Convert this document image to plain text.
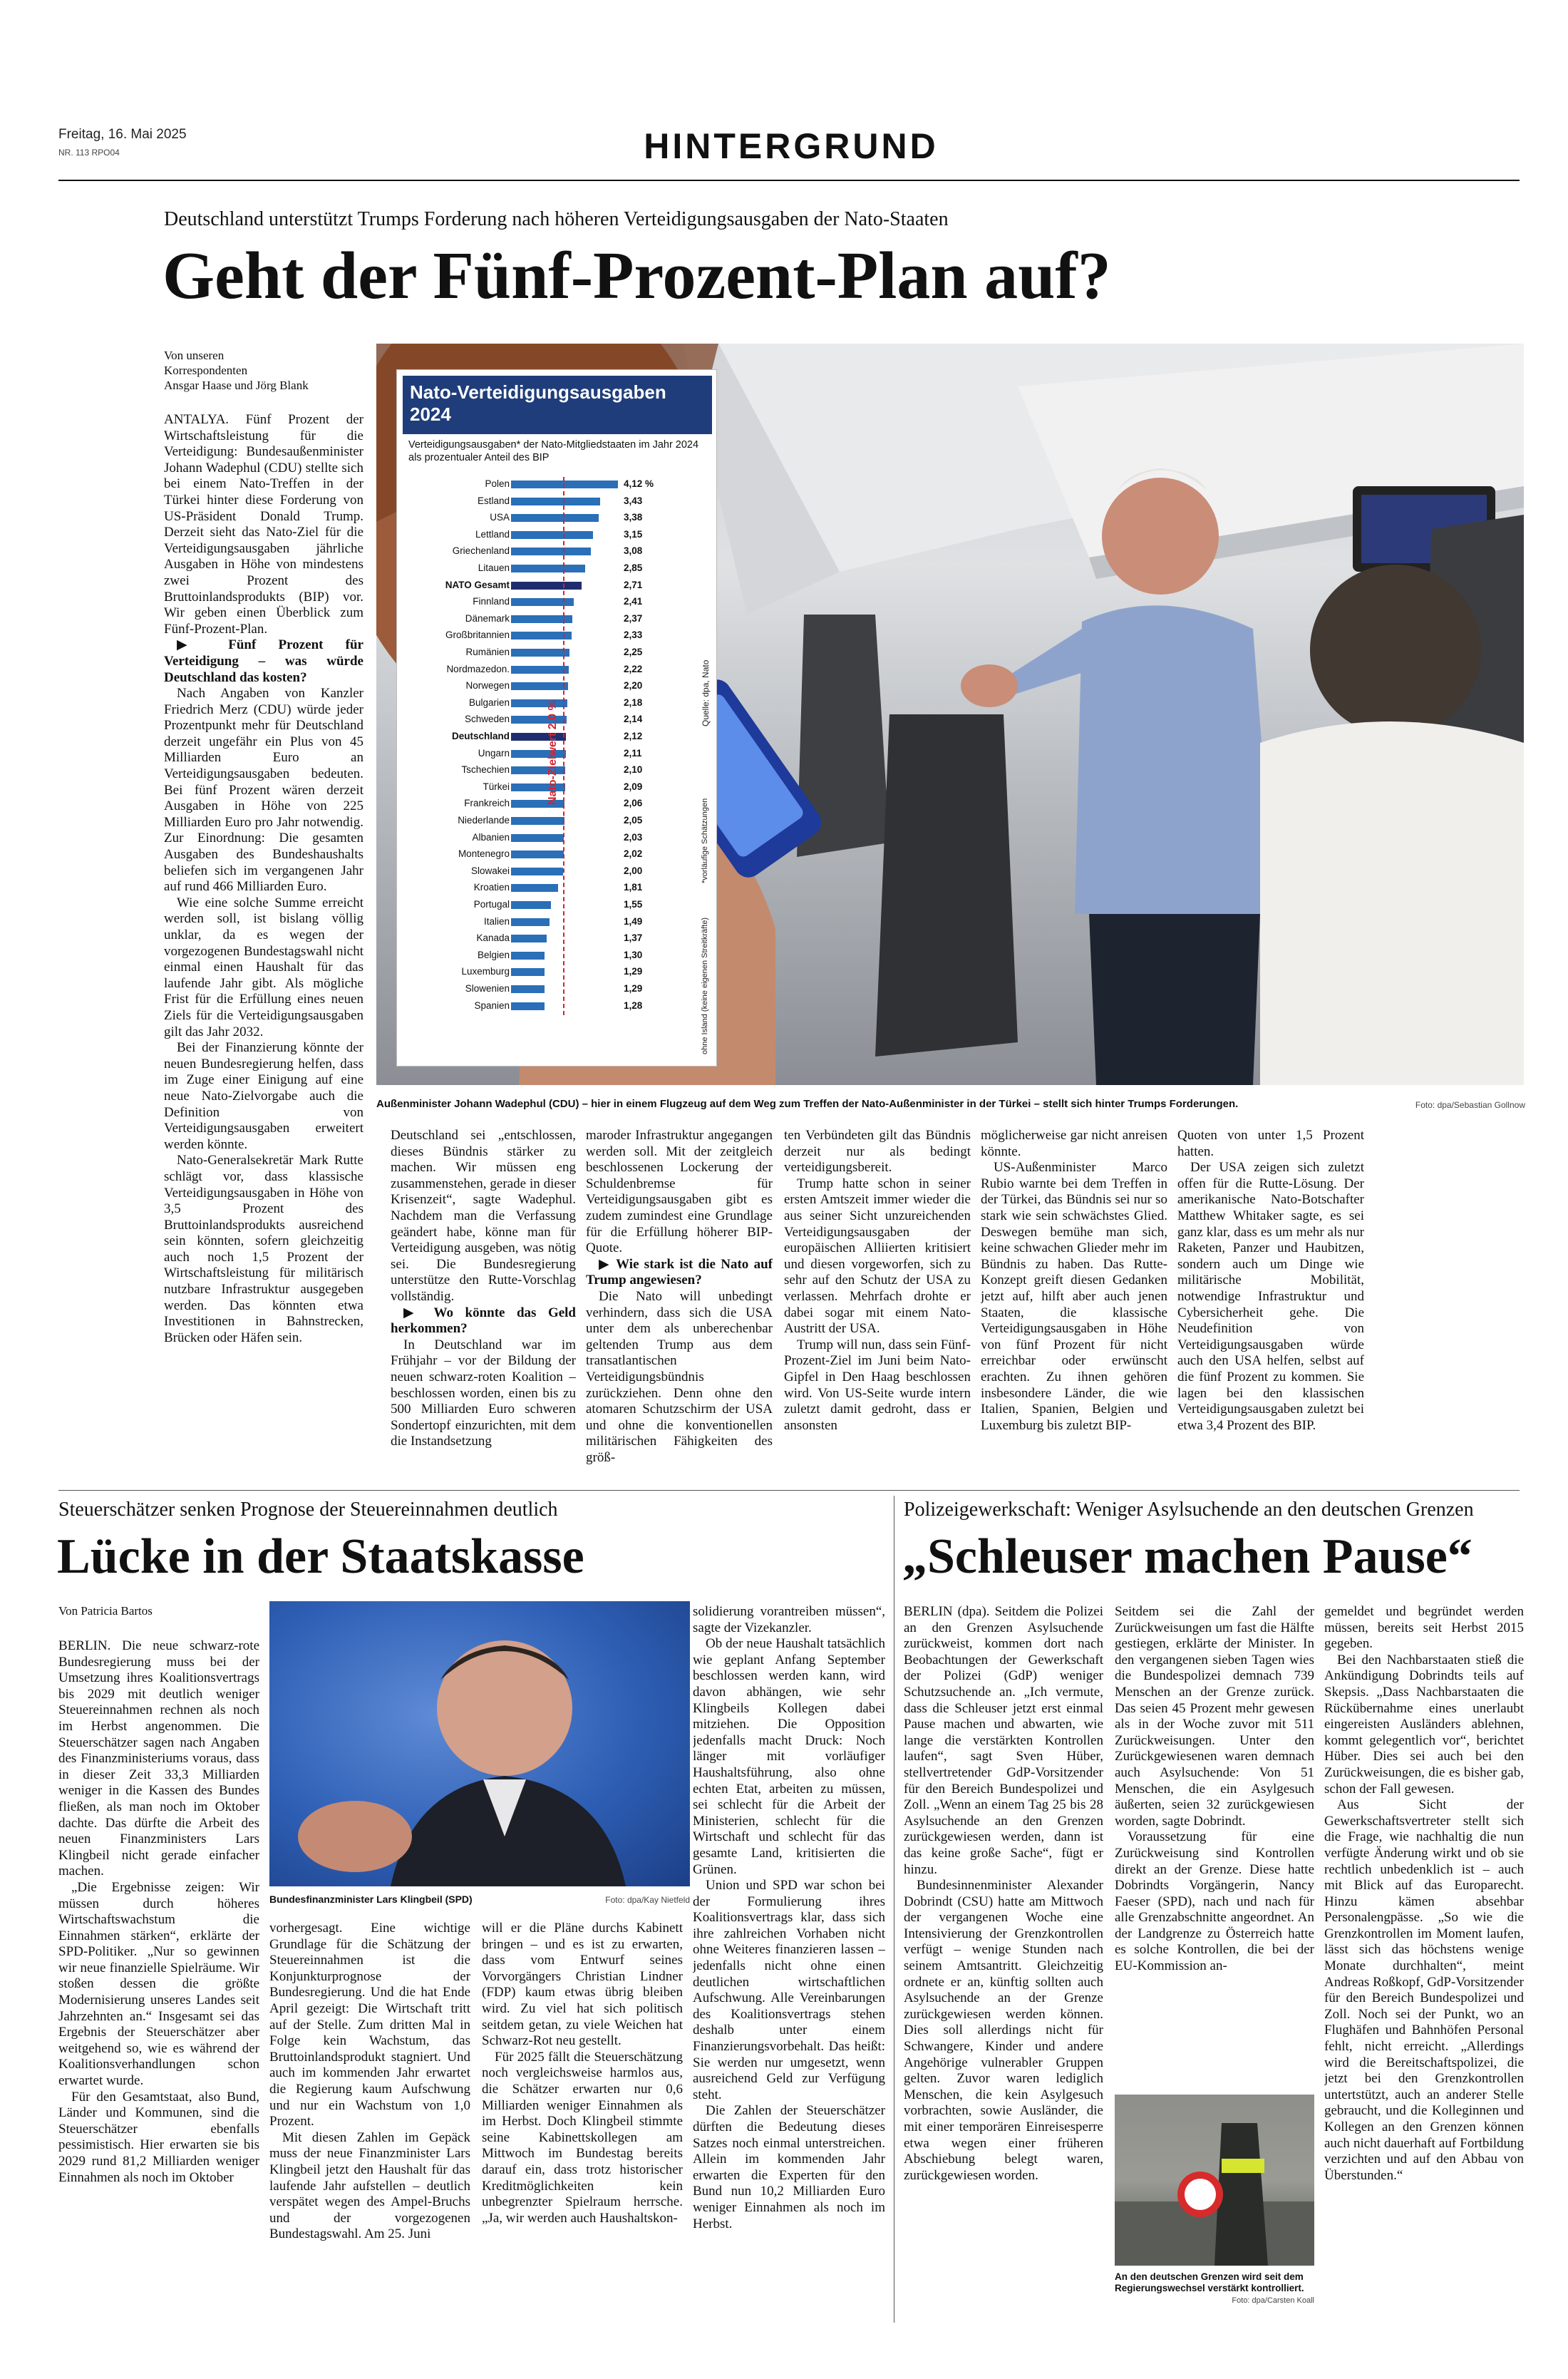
Freitag, 16. Mai 2025
NR. 113 RPO04	HINTERGRUND
Deutschland unterstützt Trumps Forderung nach höheren Verteidigungsausgaben der Nato-Staaten
Geht der Fünf-Prozent-Plan auf?
Von unseren
Korrespondenten
Ansgar Haase und Jörg Blank

ANTALYA. Fünf Prozent der Wirtschaftsleistung für die Verteidigung: Bundesaußenminister Johann Wadephul (CDU) stellte sich bei einem Nato-Treffen in der Türkei hinter diese Forderung von US-Präsident Donald Trump. Derzeit sieht das Nato-Ziel für die Verteidigungsausgaben jährliche Ausgaben in Höhe von mindestens zwei Prozent des Bruttoinlandsprodukts (BIP) vor. Wir geben einen Überblick zum Fünf-Prozent-Plan.

▶ Fünf Prozent für Verteidigung – was würde Deutschland das kosten?

Nach Angaben von Kanzler Friedrich Merz (CDU) würde jeder Prozentpunkt mehr für Deutschland derzeit ungefähr ein Plus von 45 Milliarden Euro an Verteidigungsausgaben bedeuten. Bei fünf Prozent wären derzeit Ausgaben in Höhe von 225 Milliarden Euro pro Jahr notwendig. Zur Einordnung: Die gesamten Ausgaben des Bundeshaushalts beliefen sich im vergangenen Jahr auf rund 466 Milliarden Euro.

Wie eine solche Summe erreicht werden soll, ist bislang völlig unklar, da es wegen der vorgezogenen Bundestagswahl nicht einmal einen Haushalt für das laufende Jahr gibt. Als mögliche Frist für die Erfüllung eines neuen Ziels für die Verteidigungsausgaben gilt das Jahr 2032.

Bei der Finanzierung könnte der neuen Bundesregierung helfen, dass im Zuge einer Einigung auf eine neue Nato-Zielvorgabe auch die Definition von Verteidigungsausgaben erweitert werden könnte.

Nato-Generalsekretär Mark Rutte schlägt vor, dass klassische Verteidigungsausgaben in Höhe von 3,5 Prozent des Bruttoinlandsprodukts ausreichend sein könnten, sofern gleichzeitig auch noch 1,5 Prozent der Wirtschaftsleistung für militärisch nutzbare Infrastruktur ausgegeben werden. Das könnten etwa Investitionen in Bahnstrecken, Brücken oder Häfen sein.

Nato-Verteidigungsausgaben 2024
Verteidigungsausgaben* der Nato-Mitgliedstaaten im Jahr 2024 als prozentualer Anteil des BIP
Polen	4,12 %
Estland	3,43
USA	3,38
Lettland	3,15
Griechenland	3,08
Litauen	2,85
NATO Gesamt	2,71
Finnland	2,41
Dänemark	2,37
Großbritannien	2,33
Rumänien	2,25
Nordmazedon.	2,22
Norwegen	2,20
Bulgarien	2,18
Schweden	2,14
Deutschland	2,12
Ungarn	2,11
Tschechien	2,10
Türkei	2,09
Frankreich	2,06
Niederlande	2,05
Albanien	2,03
Montenegro	2,02
Slowakei	2,00
Kroatien	1,81
Portugal	1,55
Italien	1,49
Kanada	1,37
Belgien	1,30
Luxemburg	1,29
Slowenien	1,29
Spanien	1,28
Nato-Zielwert 2,0 %
Quelle: dpa, Nato
*vorläufige Schätzungen
ohne Island (keine eigenen Streitkräfte)
Außenminister Johann Wadephul (CDU) – hier in einem Flugzeug auf dem Weg zum Treffen der Nato-Außenminister in der Türkei – stellt sich hinter Trumps Forderungen.	Foto: dpa/Sebastian Gollnow

Deutschland sei „entschlossen, dieses Bündnis stärker zu machen. Wir müssen eng zusammenstehen, gerade in dieser Krisenzeit“, sagte Wadephul. Nachdem man die Verfassung geändert habe, könne man für Verteidigung ausgeben, was nötig sei. Die Bundesregierung unterstütze den Rutte-Vorschlag vollständig.

▶ Wo könnte das Geld herkommen?

In Deutschland war im Frühjahr – vor der Bildung der neuen schwarz-roten Koalition – beschlossen worden, einen bis zu 500 Milliarden Euro schweren Sondertopf einzurichten, mit dem die Instandsetzung

maroder Infrastruktur angegangen werden soll. Mit der zeitgleich beschlossenen Lockerung der Schuldenbremse für Verteidigungsausgaben gibt es zudem zumindest eine Grundlage für die Erfüllung höherer BIP-Quote.

▶ Wie stark ist die Nato auf Trump angewiesen?

Die Nato will unbedingt verhindern, dass sich die USA unter dem als unberechenbar geltenden Trump aus dem transatlantischen Verteidigungsbündnis zurückziehen. Denn ohne den atomaren Schutzschirm der USA und ohne die konventionellen militärischen Fähigkeiten des größ-

ten Verbündeten gilt das Bündnis derzeit nur als bedingt verteidigungsbereit.

Trump hatte schon in seiner ersten Amtszeit immer wieder die aus seiner Sicht unzureichenden Verteidigungsausgaben der europäischen Alliierten kritisiert und diesen vorgeworfen, sich zu sehr auf den Schutz der USA zu verlassen. Mehrfach drohte er dabei sogar mit einem Nato-Austritt der USA.

Trump will nun, dass sein Fünf-Prozent-Ziel im Juni beim Nato-Gipfel in Den Haag beschlossen wird. Von US-Seite wurde intern zuletzt damit gedroht, dass er ansonsten

möglicherweise gar nicht anreisen könnte.

US-Außenminister Marco Rubio warnte bei dem Treffen in der Türkei, das Bündnis sei nur so stark wie sein schwächstes Glied. Deswegen bemühe man sich, keine schwachen Glieder mehr im Bündnis zu haben. Das Rutte-Konzept greift diesen Gedanken jetzt auf, hilft aber auch jenen Staaten, die klassische Verteidigungsausgaben in Höhe von fünf Prozent für nicht erreichbar oder erwünscht erachten. Zu ihnen gehören insbesondere Länder, die wie Italien, Spanien, Belgien und Luxemburg bis zuletzt BIP-

Quoten von unter 1,5 Prozent hatten.

Der USA zeigen sich zuletzt offen für die Rutte-Lösung. Der amerikanische Nato-Botschafter Matthew Whitaker sagte, es sei ganz klar, dass es um mehr als nur Raketen, Panzer und Haubitzen, sondern auch um Dinge wie militärische Mobilität, notwendige Infrastruktur und Cybersicherheit gehe. Die Neudefinition von Verteidigungsausgaben würde auch den USA helfen, selbst auf die fünf Prozent zu kommen. Sie lagen bei den klassischen Verteidigungsausgaben zuletzt bei etwa 3,4 Prozent des BIP.

Steuerschätzer senken Prognose der Steuereinnahmen deutlich
Lücke in der Staatskasse
Von Patricia Bartos
Bundesfinanzminister Lars Klingbeil (SPD)	Foto: dpa/Kay Nietfeld

BERLIN. Die neue schwarz-rote Bundesregierung muss bei der Umsetzung ihres Koalitionsvertrags bis 2029 mit deutlich weniger Steuereinnahmen rechnen als noch im Herbst angenommen. Die Steuerschätzer sagen nach Angaben des Finanzministeriums voraus, dass in dieser Zeit 33,3 Milliarden weniger in die Kassen des Bundes fließen, als man noch im Oktober dachte. Das dürfte die Arbeit des neuen Finanzministers Lars Klingbeil nicht gerade einfacher machen.

„Die Ergebnisse zeigen: Wir müssen durch höheres Wirtschaftswachstum die Einnahmen stärken“, erklärte der SPD-Politiker. „Nur so gewinnen wir neue finanzielle Spielräume. Wir stoßen dessen die größte Modernisierung unseres Landes seit Jahrzehnten an.“ Insgesamt sei das Ergebnis der Steuerschätzer aber weitgehend so, wie es während der Koalitionsverhandlungen schon erwartet wurde.

Für den Gesamtstaat, also Bund, Länder und Kommunen, sind die Steuerschätzer ebenfalls pessimistisch. Hier erwarten sie bis 2029 rund 81,2 Milliarden weniger Einnahmen als noch im Oktober

vorhergesagt. Eine wichtige Grundlage für die Schätzung der Steuereinnahmen ist die Konjunkturprognose der Bundesregierung. Und die hat Ende April gezeigt: Die Wirtschaft tritt auf der Stelle. Zum dritten Mal in Folge kein Wachstum, das Bruttoinlandsprodukt stagniert. Und auch im kommenden Jahr erwartet die Regierung kaum Aufschwung und nur ein Wachstum von 1,0 Prozent.

Mit diesen Zahlen im Gepäck muss der neue Finanzminister Lars Klingbeil jetzt den Haushalt für das laufende Jahr aufstellen – deutlich verspätet wegen des Ampel-Bruchs und der vorgezogenen Bundestagswahl. Am 25. Juni

will er die Pläne durchs Kabinett bringen – und es ist zu erwarten, dass vom Entwurf seines Vorvorgängers Christian Lindner (FDP) kaum etwas übrig bleiben wird. Zu viel hat sich politisch seitdem getan, zu viele Weichen hat Schwarz-Rot neu gestellt.

Für 2025 fällt die Steuerschätzung noch vergleichsweise harmlos aus, die Schätzer erwarten nur 0,6 Milliarden weniger Einnahmen als im Herbst. Doch Klingbeil stimmte seine Kabinettskollegen am Mittwoch im Bundestag bereits darauf ein, dass trotz historischer Kreditmöglichkeiten kein unbegrenzter Spielraum herrsche. „Ja, wir werden auch Haushaltskon-

solidierung vorantreiben müssen“, sagte der Vizekanzler.

Ob der neue Haushalt tatsächlich wie geplant Anfang September beschlossen werden kann, wird davon abhängen, wie sehr Klingbeils Kollegen dabei mitziehen. Die Opposition jedenfalls macht Druck: Noch länger mit vorläufiger Haushaltsführung, also ohne echten Etat, arbeiten zu müssen, sei schlecht für die Arbeit der Ministerien, schlecht für die Wirtschaft und schlecht für das gesamte Land, kritisierten die Grünen.

Union und SPD war schon bei der Formulierung ihres Koalitionsvertrags klar, dass sich ihre zahlreichen Vorhaben nicht ohne Weiteres finanzieren lassen – jedenfalls nicht ohne einen deutlichen wirtschaftlichen Aufschwung. Alle Vereinbarungen des Koalitionsvertrags stehen deshalb unter einem Finanzierungsvorbehalt. Das heißt: Sie werden nur umgesetzt, wenn ausreichend Geld zur Verfügung steht.

Die Zahlen der Steuerschätzer dürften die Bedeutung dieses Satzes noch einmal unterstreichen. Allein im kommenden Jahr erwarten die Experten für den Bund nun 10,2 Milliarden Euro weniger Einnahmen als noch im Herbst.

Polizeigewerkschaft: Weniger Asylsuchende an den deutschen Grenzen
„Schleuser machen Pause“

BERLIN (dpa). Seitdem die Polizei an den Grenzen Asylsuchende zurückweist, kommen dort nach Beobachtungen der Gewerkschaft der Polizei (GdP) weniger Schutzsuchende an. „Ich vermute, dass die Schleuser jetzt erst einmal Pause machen und abwarten, wie lange die verstärkten Kontrollen laufen“, sagt Sven Hüber, stellvertretender GdP-Vorsitzender für den Bereich Bundespolizei und Zoll. „Wenn an einem Tag 25 bis 28 Asylsuchende an den Grenzen zurückgewiesen werden, dann ist das keine große Sache“, fügt er hinzu.

Bundesinnenminister Alexander Dobrindt (CSU) hatte am Mittwoch der vergangenen Woche eine Intensivierung der Grenzkontrollen verfügt – wenige Stunden nach seinem Amtsantritt. Gleichzeitig ordnete er an, künftig sollten auch Asylsuchende an der Grenze zurückgewiesen werden können. Dies soll allerdings nicht für Schwangere, Kinder und andere Angehörige vulnerabler Gruppen gelten. Zuvor waren lediglich Menschen, die kein Asylgesuch vorbrachten, sowie Ausländer, die mit einer temporären Einreisesperre etwa wegen einer früheren Abschiebung belegt waren, zurückgewiesen worden.

Seitdem sei die Zahl der Zurückweisungen um fast die Hälfte gestiegen, erklärte der Minister. In den vergangenen sieben Tagen wies die Bundespolizei demnach 739 Menschen an der Grenze zurück. Das seien 45 Prozent mehr gewesen als in der Woche zuvor mit 511 Zurückweisungen. Unter den Zurückgewiesenen waren demnach auch Asylsuchende: Von 51 Menschen, die ein Asylgesuch äußerten, seien 32 zurückgewiesen worden, sagte Dobrindt.

Voraussetzung für eine Zurückweisung sind Kontrollen direkt an der Grenze. Diese hatte Dobrindts Vorgängerin, Nancy Faeser (SPD), nach und nach für alle Grenzabschnitte angeordnet. An der Landgrenze zu Österreich hatte es solche Kontrollen, die bei der EU-Kommission an-

An den deutschen Grenzen wird seit dem Regierungswechsel verstärkt kontrolliert.
Foto: dpa/Carsten Koall

gemeldet und begründet werden müssen, bereits seit Herbst 2015 gegeben.

Bei den Nachbarstaaten stieß die Ankündigung Dobrindts teils auf Skepsis. „Dass Nachbarstaaten die Rückübernahme eines unerlaubt eingereisten Ausländers ablehnen, kommt gelegentlich vor“, berichtet Hüber. Dies sei auch bei den Zurückweisungen, die es bisher gab, schon der Fall gewesen.

Aus Sicht der Gewerkschaftsvertreter stellt sich die Frage, wie nachhaltig die nun verfügte Änderung wirkt und ob sie rechtlich unbedenklich ist – auch mit Blick auf das Europarecht. Hinzu kämen absehbar Personalengpässe. „So wie die Grenzkontrollen im Moment laufen, lässt sich das höchstens wenige Monate durchhalten“, meint Andreas Roßkopf, GdP-Vorsitzender für den Bereich Bundespolizei und Zoll. Noch sei der Punkt, wo an Flughäfen und Bahnhöfen Personal fehlt, nicht erreicht. „Allerdings wird die Bereitschaftspolizei, die jetzt bei den Grenzkontrollen untertstützt, auch an anderer Stelle gebraucht, und die Kolleginnen und Kollegen an den Grenzen können auch nicht dauerhaft auf Fortbildung verzichten und auf den Abbau von Überstunden.“
